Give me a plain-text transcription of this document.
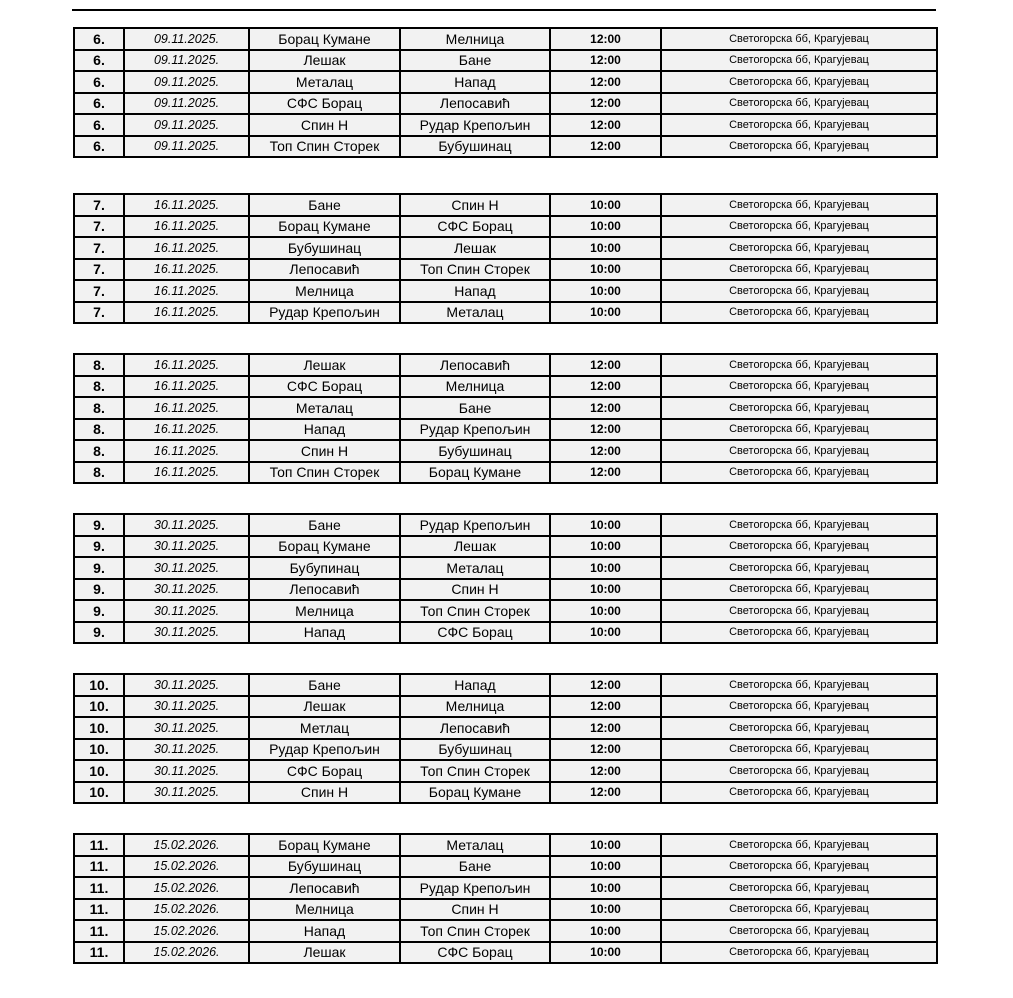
6.	09.11.2025.	Борац Кумане	Мелница	12:00	Светогорска бб, Крагујевац
6.	09.11.2025.	Лешак	Бане	12:00	Светогорска бб, Крагујевац
6.	09.11.2025.	Металац	Напад	12:00	Светогорска бб, Крагујевац
6.	09.11.2025.	СФС Борац	Лепосавић	12:00	Светогорска бб, Крагујевац
6.	09.11.2025.	Спин Н	Рудар Крепољин	12:00	Светогорска бб, Крагујевац
6.	09.11.2025.	Топ Спин Сторек	Бубушинац	12:00	Светогорска бб, Крагујевац
7.	16.11.2025.	Бане	Спин Н	10:00	Светогорска бб, Крагујевац
7.	16.11.2025.	Борац Кумане	СФС Борац	10:00	Светогорска бб, Крагујевац
7.	16.11.2025.	Бубушинац	Лешак	10:00	Светогорска бб, Крагујевац
7.	16.11.2025.	Лепосавић	Топ Спин Сторек	10:00	Светогорска бб, Крагујевац
7.	16.11.2025.	Мелница	Напад	10:00	Светогорска бб, Крагујевац
7.	16.11.2025.	Рудар Крепољин	Металац	10:00	Светогорска бб, Крагујевац
8.	16.11.2025.	Лешак	Лепосавић	12:00	Светогорска бб, Крагујевац
8.	16.11.2025.	СФС Борац	Мелница	12:00	Светогорска бб, Крагујевац
8.	16.11.2025.	Металац	Бане	12:00	Светогорска бб, Крагујевац
8.	16.11.2025.	Напад	Рудар Крепољин	12:00	Светогорска бб, Крагујевац
8.	16.11.2025.	Спин Н	Бубушинац	12:00	Светогорска бб, Крагујевац
8.	16.11.2025.	Топ Спин Сторек	Борац Кумане	12:00	Светогорска бб, Крагујевац
9.	30.11.2025.	Бане	Рудар Крепољин	10:00	Светогорска бб, Крагујевац
9.	30.11.2025.	Борац Кумане	Лешак	10:00	Светогорска бб, Крагујевац
9.	30.11.2025.	Бубупинац	Металац	10:00	Светогорска бб, Крагујевац
9.	30.11.2025.	Лепосавић	Спин Н	10:00	Светогорска бб, Крагујевац
9.	30.11.2025.	Мелница	Топ Спин Сторек	10:00	Светогорска бб, Крагујевац
9.	30.11.2025.	Напад	СФС Борац	10:00	Светогорска бб, Крагујевац
10.	30.11.2025.	Бане	Напад	12:00	Светогорска бб, Крагујевац
10.	30.11.2025.	Лешак	Мелница	12:00	Светогорска бб, Крагујевац
10.	30.11.2025.	Метлац	Лепосавић	12:00	Светогорска бб, Крагујевац
10.	30.11.2025.	Рудар Крепољин	Бубушинац	12:00	Светогорска бб, Крагујевац
10.	30.11.2025.	СФС Борац	Топ Спин Сторек	12:00	Светогорска бб, Крагујевац
10.	30.11.2025.	Спин Н	Борац Кумане	12:00	Светогорска бб, Крагујевац
11.	15.02.2026.	Борац Кумане	Металац	10:00	Светогорска бб, Крагујевац
11.	15.02.2026.	Бубушинац	Бане	10:00	Светогорска бб, Крагујевац
11.	15.02.2026.	Лепосавић	Рудар Крепољин	10:00	Светогорска бб, Крагујевац
11.	15.02.2026.	Мелница	Спин Н	10:00	Светогорска бб, Крагујевац
11.	15.02.2026.	Напад	Топ Спин Сторек	10:00	Светогорска бб, Крагујевац
11.	15.02.2026.	Лешак	СФС Борац	10:00	Светогорска бб, Крагујевац
